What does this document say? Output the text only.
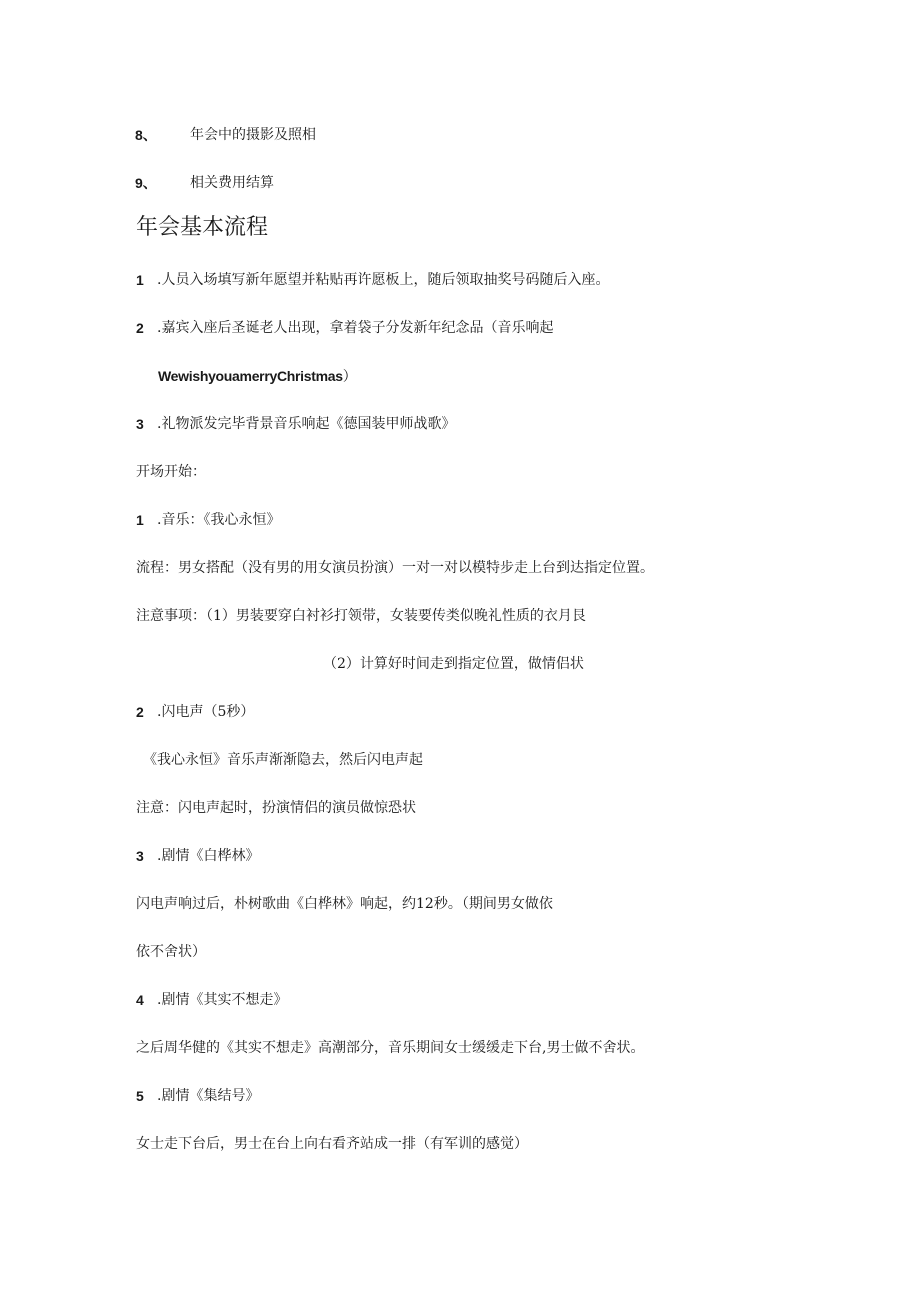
8、 年会中的摄影及照相
9、 相关费用结算
年会基本流程
1 .人员入场填写新年愿望并粘贴再许愿板上，随后领取抽奖号码随后入座。
2 .嘉宾入座后圣诞老人出现，拿着袋子分发新年纪念品（音乐响起
WewishyouamerryChristmas）
3 .礼物派发完毕背景音乐响起《德国装甲师战歌》
开场开始：
1 .音乐：《我心永恒》
流程：男女搭配（没有男的用女演员扮演）一对一对以模特步走上台到达指定位置。
注意事项：（1）男装要穿白衬衫打领带，女装要传类似晚礼性质的衣月艮
（2）计算好时间走到指定位置，做情侣状
2 .闪电声（5秒）
《我心永恒》音乐声渐渐隐去，然后闪电声起
注意：闪电声起时，扮演情侣的演员做惊恐状
3 .剧情《白桦林》
闪电声响过后，朴树歌曲《白桦林》响起，约12秒。（期间男女做依
依不舍状）
4 .剧情《其实不想走》
之后周华健的《其实不想走》高潮部分，音乐期间女士缓缓走下台,男士做不舍状。
5 .剧情《集结号》
女士走下台后，男士在台上向右看齐站成一排（有军训的感觉）
